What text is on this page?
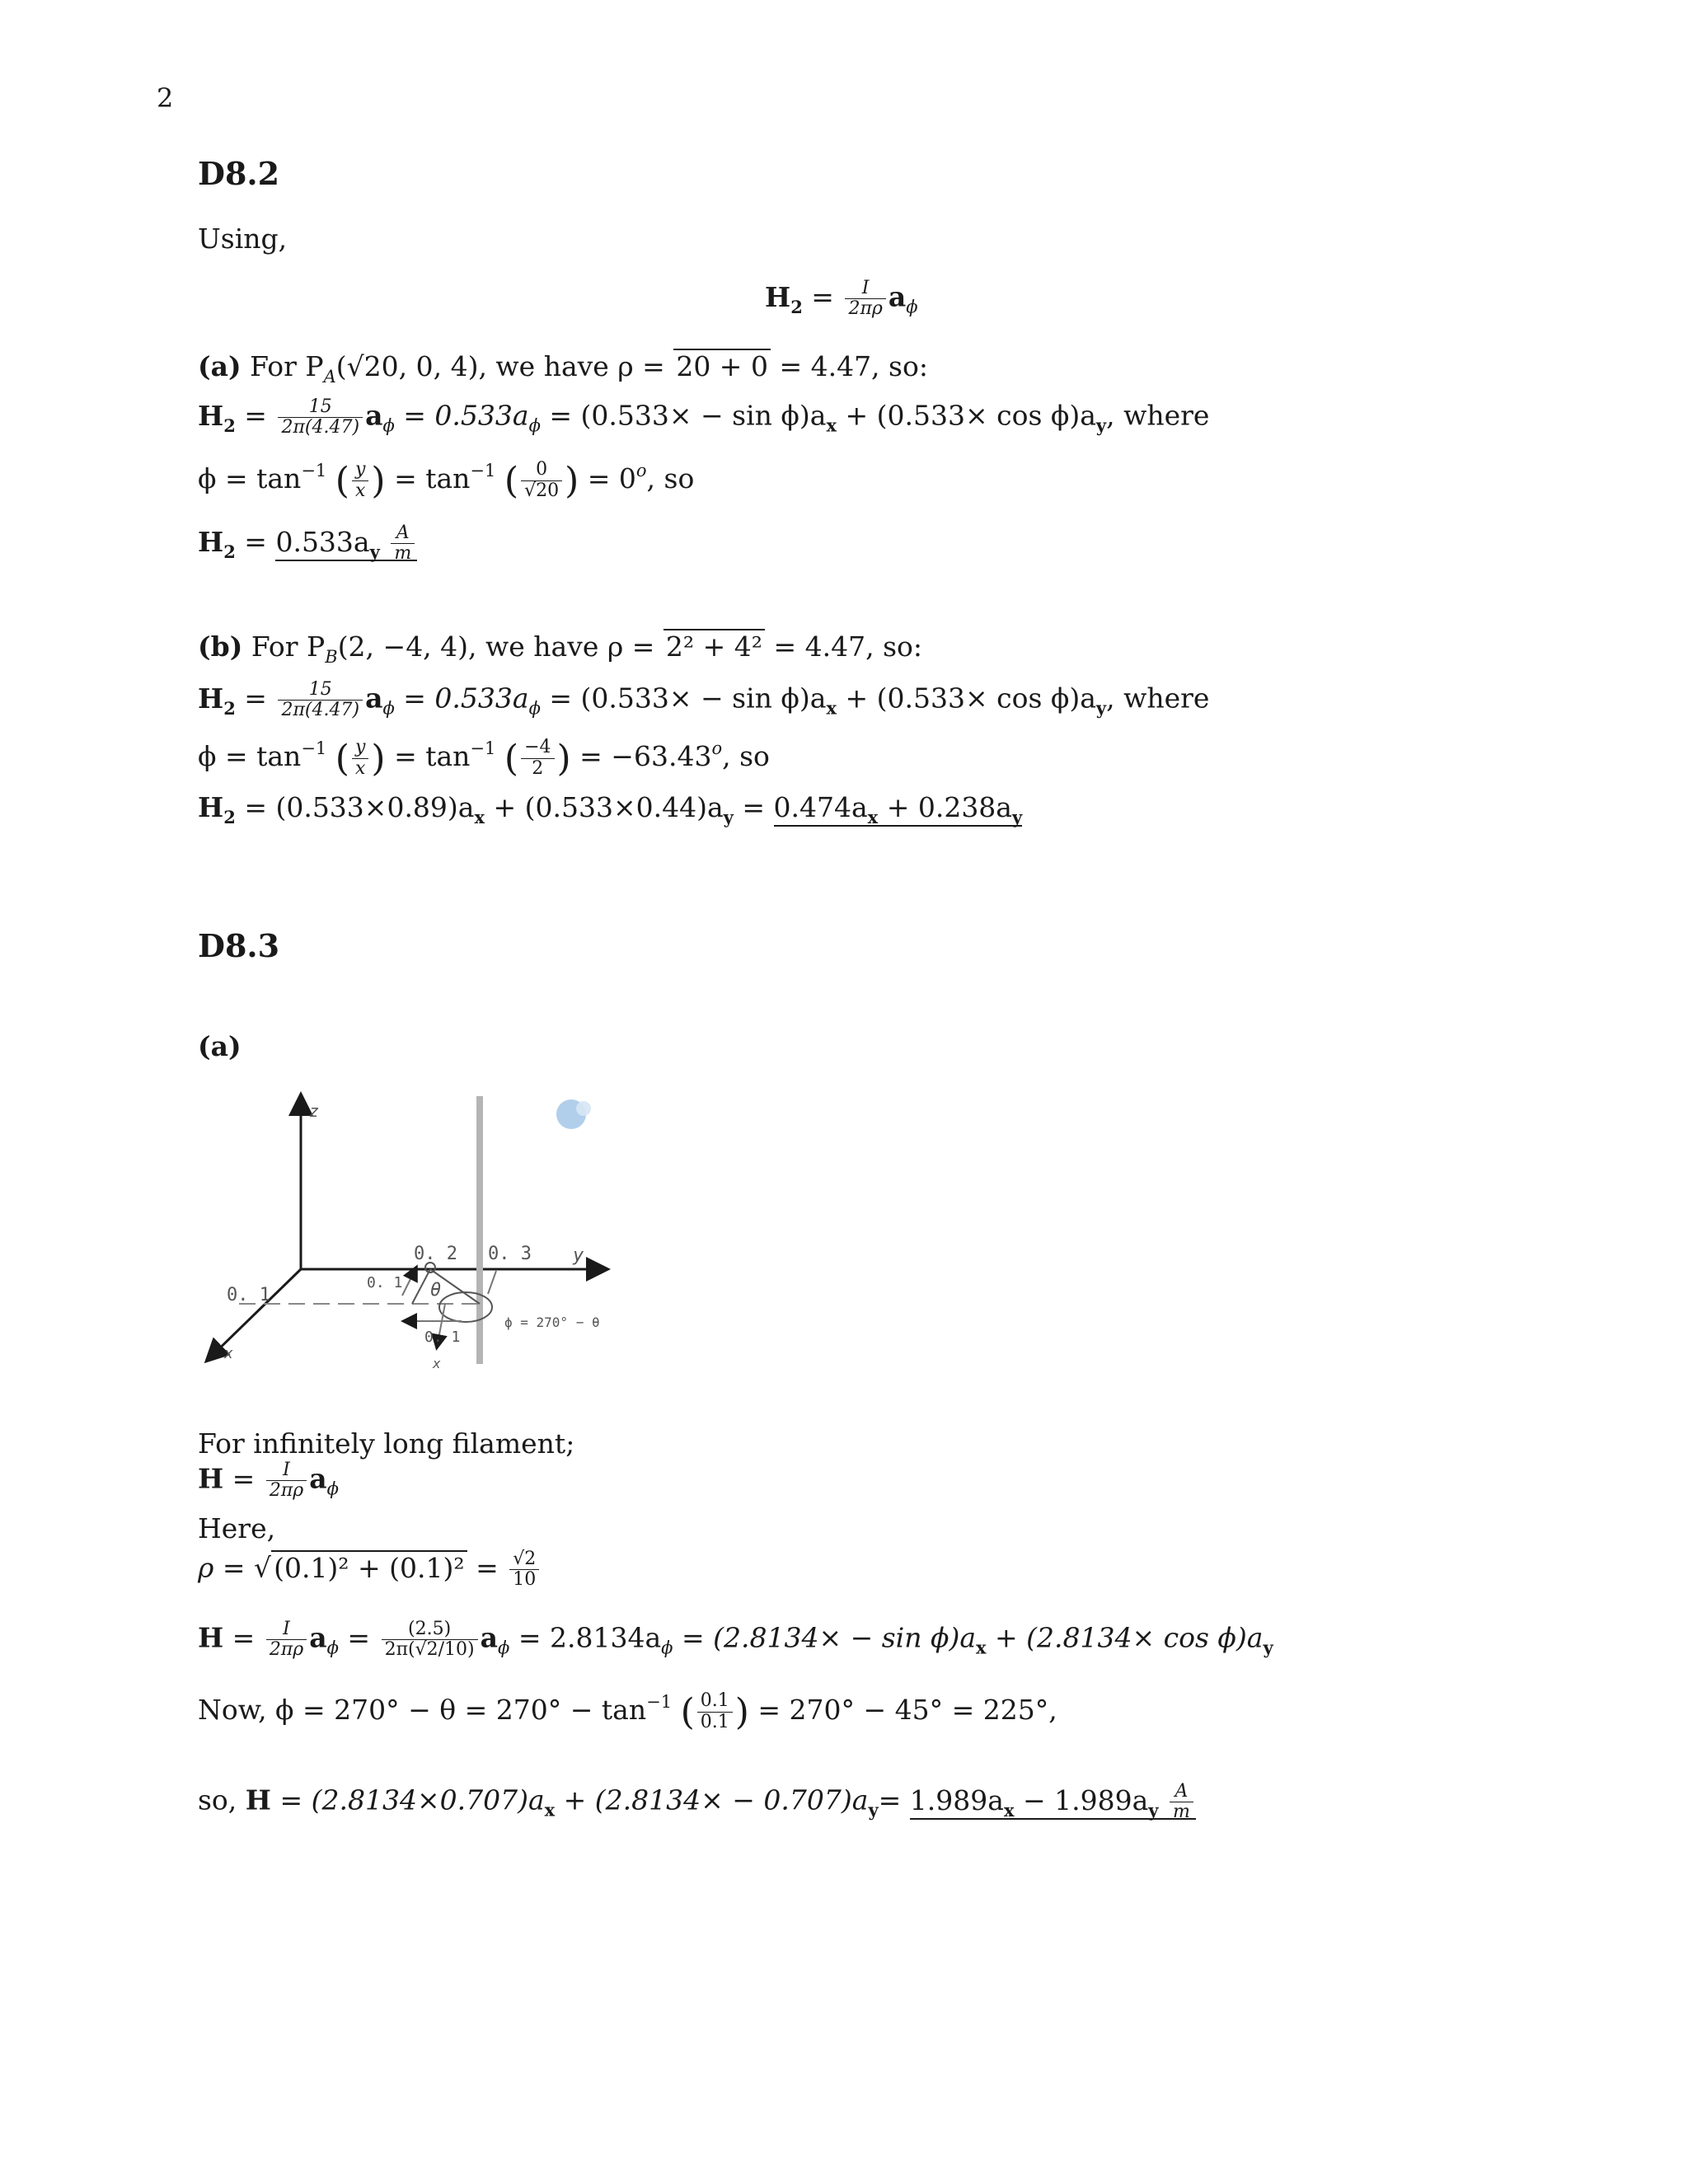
2
D8.2
Using,
$H_2 = \frac{I}{2\pi\rho} a_\phi$
(a) For $P_A(√20$, 0, 4), we have ρ = 20 + 0 = 4.47, so:
$H_2 = \frac{15}{2\pi(4.47)} a_\phi = 0.533a_\phi = (0.533\times - \sin \phi)a_x + (0.533\times \cos \phi)a_y$, where
$\phi = \tan^{-1}$ ( $\frac{y}{x}$ ) = $\tan^{-1}$ ( $\frac{0}{√20}$ ) = $0^o$, so
$H_2 = 0.533a_y \frac{A}{m}$
(b) For $P_B(2$, −4, 4), we have ρ = 2² + 4² = 4.47, so:
$H_2 = \frac{15}{2\pi(4.47)} a_\phi = 0.533a_\phi = (0.533\times - \sin \phi)a_x + (0.533\times \cos \phi)a_y$, where
$\phi = \tan^{-1}$ ( $\frac{y}{x}$ ) = $\tan^{-1}$ ( $\frac{-4}{2}$ ) = $-63.43^o$, so
$H_2 = (0.533\times 0.89)a_x + (0.533\times 0.44)a_y = 0.474a_x + 0.238a_y$
D8.3
(a)
z
y
x
x
0. 1
0. 2 0. 3
0. 1
0. 1
θ
ϕ = 270° − θ
For infinitely long filament;
$H = \frac{I}{2\pi\rho} a_\phi$
Here,
$\rho = √(0.1)^2 + (0.1)^2 = \frac{√2}{10}$
$H = \frac{I}{2\pi\rho} a_\phi = \frac{(2.5)}{2\pi(√2/10)} a_\phi = 2.8134a_\phi = (2.8134\times - \sin \phi)a_x + (2.8134\times \cos \phi)a_y$
Now, $\phi = 270^\circ - \theta = 270^\circ - \tan^{-1}$ ( $\frac{0.1}{0.1}$ ) = 270° − 45° = 225°,
so, $H = (2.8134\times 0.707)a_x + (2.8134\times - 0.707)a_y= 1.989a_x - 1.989a_y \frac{A}{m}$
